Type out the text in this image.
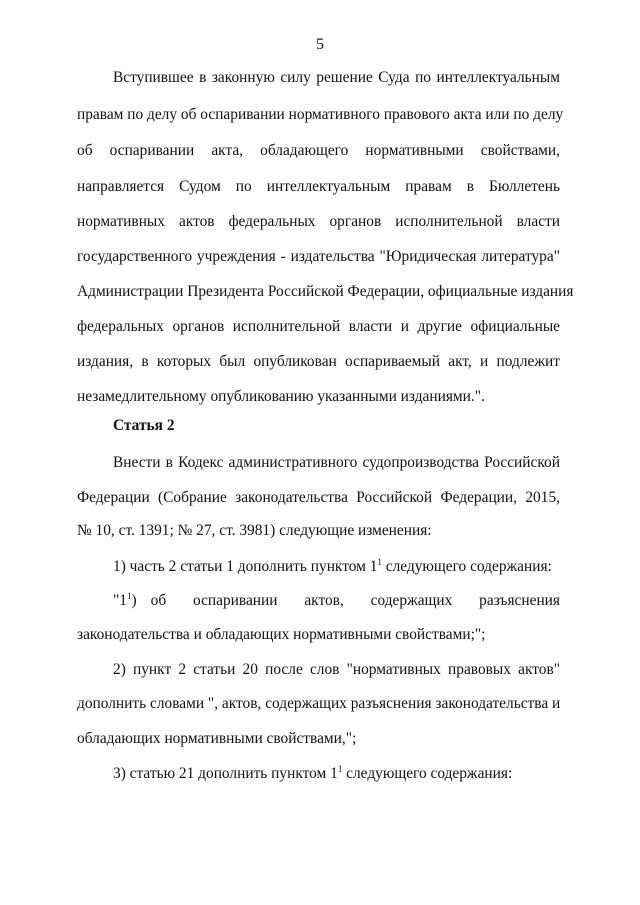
5
Вступившее в законную силу решение Суда по интеллектуальным
правам по делу об оспаривании нормативного правового акта или по делу
об оспаривании акта, обладающего нормативными свойствами,
направляется Судом по интеллектуальным правам в Бюллетень
нормативных актов федеральных органов исполнительной власти
государственного учреждения - издательства "Юридическая литература"
Администрации Президента Российской Федерации, официальные издания
федеральных органов исполнительной власти и другие официальные
издания, в которых был опубликован оспариваемый акт, и подлежит
незамедлительному опубликованию указанными изданиями.".
Статья 2
Внести в Кодекс административного судопроизводства Российской
Федерации (Собрание законодательства Российской Федерации, 2015,
№ 10, ст. 1391; № 27, ст. 3981) следующие изменения:
1) часть 2 статьи 1 дополнить пунктом $1^1$ следующего содержания:
"$1^1$) об оспаривании актов, содержащих разъяснения
законодательства и обладающих нормативными свойствами;";
2) пункт 2 статьи 20 после слов "нормативных правовых актов"
дополнить словами ", актов, содержащих разъяснения законодательства и
обладающих нормативными свойствами,";
3) статью 21 дополнить пунктом $1^1$ следующего содержания:
